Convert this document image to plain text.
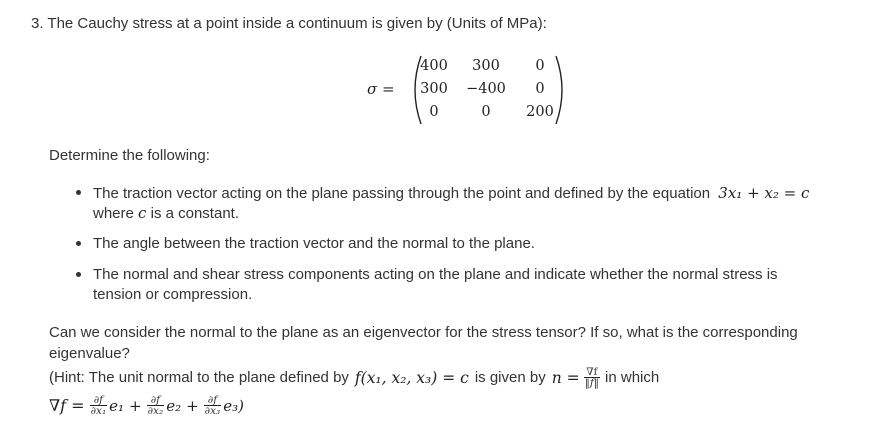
3. The Cauchy stress at a point inside a continuum is given by (Units of MPa):
σ =
400	300	0
300	−400	0
0	0	200
Determine the following:
The traction vector acting on the plane passing through the point and defined by the equation 3x₁ + x₂ = c
where c is a constant.
The angle between the traction vector and the normal to the plane.
The normal and shear stress components acting on the plane and indicate whether the normal stress is
tension or compression.
Can we consider the normal to the plane as an eigenvector for the stress tensor? If so, what is the corresponding
eigenvalue?
(Hint: The unit normal to the plane defined by f(x₁, x₂, x₃) = c is given by $n = \frac{\nabla f}{‖f‖}$ in which
$\nabla f = \frac{\partial f}{\text{∂x₁}} e_1 + \frac{\partial f}{\text{∂x₂}} e_2 + \frac{\partial f}{\text{∂x₃}} e_3$)
